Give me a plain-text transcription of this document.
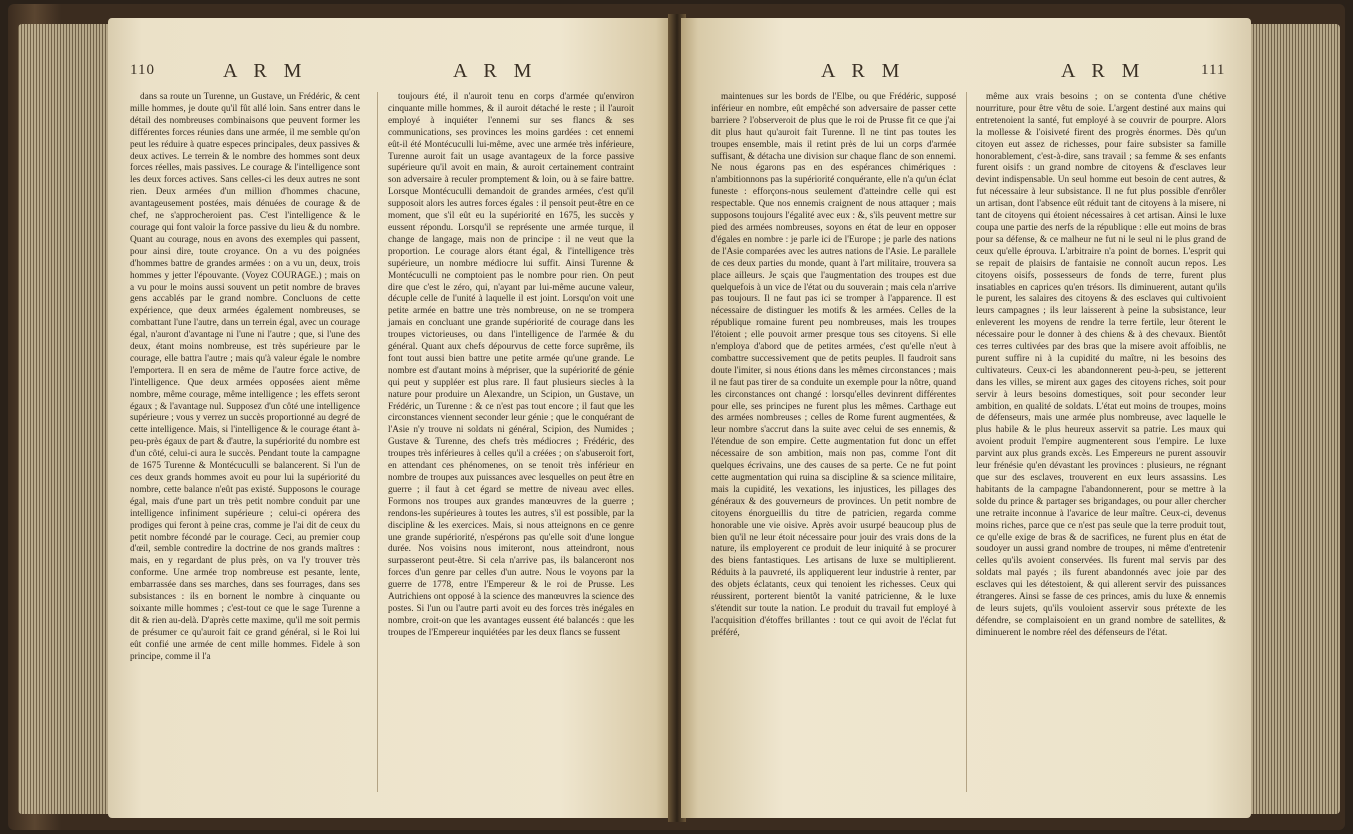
110	A R M	A R M

dans sa route un Turenne, un Gustave, un Frédéric, & cent mille hommes, je doute qu'il fût allé loin. Sans entrer dans le détail des nombreuses combinaisons que peuvent former les différentes forces réunies dans une armée, il me semble qu'on peut les réduire à quatre especes principales, deux passives & deux actives. Le terrein & le nombre des hommes sont deux forces réelles, mais passives. Le courage & l'intelligence sont les deux forces actives. Sans celles-ci les deux autres ne sont rien. Deux armées d'un million d'hommes chacune, avantageusement postées, mais dénuées de courage & de chef, ne s'approcheroient pas. C'est l'intelligence & le courage qui font valoir la force passive du lieu & du nombre. Quant au courage, nous en avons des exemples qui passent, pour ainsi dire, toute croyance. On a vu des poignées d'hommes battre de grandes armées : on a vu un, deux, trois hommes y jetter l'épouvante. (Voyez COURAGE.) ; mais on a vu pour le moins aussi souvent un petit nombre de braves gens accablés par le grand nombre. Concluons de cette expérience, que deux armées également nombreuses, se combattant l'une l'autre, dans un terrein égal, avec un courage égal, n'auront d'avantage ni l'une ni l'autre ; que, si l'une des deux, étant moins nombreuse, est très supérieure par le courage, elle battra l'autre ; mais qu'à valeur égale le nombre l'emportera. Il en sera de même de l'autre force active, de l'intelligence. Que deux armées opposées aient même nombre, même courage, même intelligence ; les effets seront égaux ; & l'avantage nul. Supposez d'un côté une intelligence supérieure ; vous y verrez un succès proportionné au degré de cette intelligence. Mais, si l'intelligence & le courage étant à-peu-près égaux de part & d'autre, la supériorité du nombre est d'un côté, celui-ci aura le succès. Pendant toute la campagne de 1675 Turenne & Montécuculli se balancerent. Si l'un de ces deux grands hommes avoit eu pour lui la supériorité du nombre, cette balance n'eût pas existé. Supposons le courage égal, mais d'une part un très petit nombre conduit par une intelligence infiniment supérieure ; celui-ci opérera des prodiges qui feront à peine cras, comme je l'ai dit de ceux du petit nombre fécondé par le courage. Ceci, au premier coup d'œil, semble contredire la doctrine de nos grands maîtres : mais, en y regardant de plus près, on va l'y trouver très conforme. Une armée trop nombreuse est pesante, lente, embarrassée dans ses marches, dans ses fourrages, dans ses subsistances : ils en bornent le nombre à cinquante ou soixante mille hommes ; c'est-tout ce que le sage Turenne a dit & rien au-delà. D'après cette maxime, qu'il me soit permis de présumer ce qu'auroit fait ce grand général, si le Roi lui eût confié une armée de cent mille hommes. Fidele à son principe, comme il l'a

toujours été, il n'auroit tenu en corps d'armée qu'environ cinquante mille hommes, & il auroit détaché le reste ; il l'auroit employé à inquiéter l'ennemi sur ses flancs & ses communications, ses provinces les moins gardées : cet ennemi eût-il été Montécuculli lui-même, avec une armée très inférieure, Turenne auroit fait un usage avantageux de la force passive supérieure qu'il avoit en main, & auroit certainement contraint son adversaire à reculer promptement & loin, ou à se faire battre. Lorsque Montécuculli demandoit de grandes armées, c'est qu'il supposoit alors les autres forces égales : il pensoit peut-être en ce moment, que s'il eût eu la supériorité en 1675, les succès y eussent répondu. Lorsqu'il se représente une armée turque, il change de langage, mais non de principe : il ne veut que la proportion. Le courage alors étant égal, & l'intelligence très supérieure, un nombre médiocre lui suffit. Ainsi Turenne & Montécuculli ne comptoient pas le nombre pour rien. On peut dire que c'est le zéro, qui, n'ayant par lui-même aucune valeur, décuple celle de l'unité à laquelle il est joint. Lorsqu'on voit une petite armée en battre une très nombreuse, on ne se trompera jamais en concluant une grande supériorité de courage dans les troupes victorieuses, ou dans l'intelligence de l'armée & du général. Quant aux chefs dépourvus de cette force suprême, ils font tout aussi bien battre une petite armée qu'une grande. Le nombre est d'autant moins à mépriser, que la supériorité de génie qui peut y suppléer est plus rare. Il faut plusieurs siecles à la nature pour produire un Alexandre, un Scipion, un Gustave, un Frédéric, un Turenne : & ce n'est pas tout encore ; il faut que les circonstances viennent seconder leur génie ; que le conquérant de l'Asie n'y trouve ni soldats ni général, Scipion, des Numides ; Gustave & Turenne, des chefs très médiocres ; Frédéric, des troupes très inférieures à celles qu'il a créées ; on s'abuseroit fort, en attendant ces phénomenes, on se tenoit très inférieur en nombre de troupes aux puissances avec lesquelles on peut être en guerre ; il faut à cet égard se mettre de niveau avec elles. Formons nos troupes aux grandes manœuvres de la guerre ; rendons-les supérieures à toutes les autres, s'il est possible, par la discipline & les exercices. Mais, si nous atteignons en ce genre une grande supériorité, n'espérons pas qu'elle soit d'une longue durée. Nos voisins nous imiteront, nous atteindront, nous surpasseront peut-être. Si cela n'arrive pas, ils balanceront nos forces d'un genre par celles d'un autre. Nous le voyons par la guerre de 1778, entre l'Empereur & le roi de Prusse. Les Autrichiens ont opposé à la science des manœuvres la science des postes. Si l'un ou l'autre parti avoit eu des forces très inégales en nombre, croit-on que les avantages eussent été balancés : que les troupes de l'Empereur inquiétées par les deux flancs se fussent

A R M	A R M	111

maintenues sur les bords de l'Elbe, ou que Frédéric, supposé inférieur en nombre, eût empêché son adversaire de passer cette barriere ? l'observeroit de plus que le roi de Prusse fit ce que j'ai dit plus haut qu'auroit fait Turenne. Il ne tint pas toutes les troupes ensemble, mais il retint près de lui un corps d'armée suffisant, & détacha une division sur chaque flanc de son ennemi. Ne nous égarons pas en des espérances chimériques : n'ambitionnons pas la supériorité conquérante, elle n'a qu'un éclat funeste : efforçons-nous seulement d'atteindre celle qui est respectable. Que nos ennemis craignent de nous attaquer ; mais supposons toujours l'égalité avec eux : &, s'ils peuvent mettre sur pied des armées nombreuses, soyons en état de leur en opposer d'égales en nombre : je parle ici de l'Europe ; je parle des nations de l'Asie comparées avec les autres nations de l'Asie. Le parallele de ces deux parties du monde, quant à l'art militaire, trouvera sa place ailleurs. Je sçais que l'augmentation des troupes est due quelquefois à un vice de l'état ou du souverain ; mais cela n'arrive pas toujours. Il ne faut pas ici se tromper à l'apparence. Il est nécessaire de distinguer les motifs & les armées. Celles de la république romaine furent peu nombreuses, mais les troupes l'étoient ; elle pouvoit armer presque tous ses citoyens. Si elle n'employa d'abord que de petites armées, c'est qu'elle n'eut à combattre successivement que de petits peuples. Il faudroit sans doute l'imiter, si nous étions dans les mêmes circonstances ; mais il ne faut pas tirer de sa conduite un exemple pour la nôtre, quand les circonstances ont changé : lorsqu'elles devinrent différentes pour elle, ses principes ne furent plus les mêmes. Carthage eut des armées nombreuses ; celles de Rome furent augmentées, & leur nombre s'accrut dans la suite avec celui de ses ennemis, & l'étendue de son empire. Cette augmentation fut donc un effet nécessaire de son ambition, mais non pas, comme l'ont dit quelques écrivains, une des causes de sa perte. Ce ne fut point cette augmentation qui ruina sa discipline & sa science militaire, mais la cupidité, les vexations, les injustices, les pillages des généraux & des gouverneurs de provinces. Un petit nombre de citoyens énorgueillis du titre de patricien, regarda comme honorable une vie oisive. Après avoir usurpé beaucoup plus de bien qu'il ne leur étoit nécessaire pour jouir des vrais dons de la nature, ils employerent ce produit de leur iniquité à se procurer des biens fantastiques. Les artisans de luxe se multiplierent. Réduits à la pauvreté, ils appliquerent leur industrie à renter, par des objets éclatants, ceux qui tenoient les richesses. Ceux qui réussirent, porterent bientôt la vanité patricienne, & le luxe s'étendit sur toute la nation. Le produit du travail fut employé à l'acquisition d'étoffes brillantes : tout ce qui avoit de l'éclat fut préféré,

même aux vrais besoins ; on se contenta d'une chétive nourriture, pour être vêtu de soie. L'argent destiné aux mains qui entretenoient la santé, fut employé à se couvrir de pourpre. Alors la mollesse & l'oisiveté firent des progrès énormes. Dès qu'un citoyen eut assez de richesses, pour faire subsister sa famille honorablement, c'est-à-dire, sans travail ; sa femme & ses enfants furent oisifs : un grand nombre de citoyens & d'esclaves leur devint indispensable. Un seul homme eut besoin de cent autres, & fut nécessaire à leur subsistance. Il ne fut plus possible d'enrôler un artisan, dont l'absence eût réduit tant de citoyens à la misere, ni tant de citoyens qui étoient nécessaires à cet artisan. Ainsi le luxe coupa une partie des nerfs de la république : elle eut moins de bras pour sa défense, & ce malheur ne fut ni le seul ni le plus grand de ceux qu'elle éprouva. L'arbitraire n'a point de bornes. L'esprit qui se repait de plaisirs de fantaisie ne connoît aucun repos. Les citoyens oisifs, possesseurs de fonds de terre, furent plus insatiables en caprices qu'en trésors. Ils diminuerent, autant qu'ils le purent, les salaires des citoyens & des esclaves qui cultivoient leurs campagnes ; ils leur laisserent à peine la subsistance, leur enleverent les moyens de rendre la terre fertile, leur ôterent le nécessaire pour le donner à des chiens & à des chevaux. Bientôt ces terres cultivées par des bras que la misere avoit affoiblis, ne purent suffire ni à la cupidité du maître, ni les besoins des cultivateurs. Ceux-ci les abandonnerent peu-à-peu, se jetterent dans les villes, se mirent aux gages des citoyens riches, soit pour servir à leurs besoins domestiques, soit pour seconder leur ambition, en qualité de soldats. L'état eut moins de troupes, moins de défenseurs, mais une armée plus nombreuse, avec laquelle le plus habile & le plus heureux asservit sa patrie. Les maux qui avoient produit l'empire augmenterent sous l'empire. Le luxe parvint aux plus grands excès. Les Empereurs ne purent assouvir leur frénésie qu'en dévastant les provinces : plusieurs, ne régnant que sur des esclaves, trouverent en eux leurs assassins. Les habitants de la campagne l'abandonnerent, pour se mettre à la solde du prince & partager ses brigandages, ou pour aller chercher une retraite inconnue à l'avarice de leur maître. Ceux-ci, devenus moins riches, parce que ce n'est pas seule que la terre produit tout, ce qu'elle exige de bras & de sacrifices, ne furent plus en état de soudoyer un aussi grand nombre de troupes, ni même d'entretenir celles qu'ils avoient conservées. Ils furent mal servis par des soldats mal payés ; ils furent abandonnés avec joie par des esclaves qui les détestoient, & qui allerent servir des puissances étrangeres. Ainsi se fasse de ces princes, amis du luxe & ennemis de leurs sujets, qu'ils vouloient asservir sous prétexte de les défendre, se complaisoient en un grand nombre de satellites, & diminuerent le nombre réel des défenseurs de l'état.
